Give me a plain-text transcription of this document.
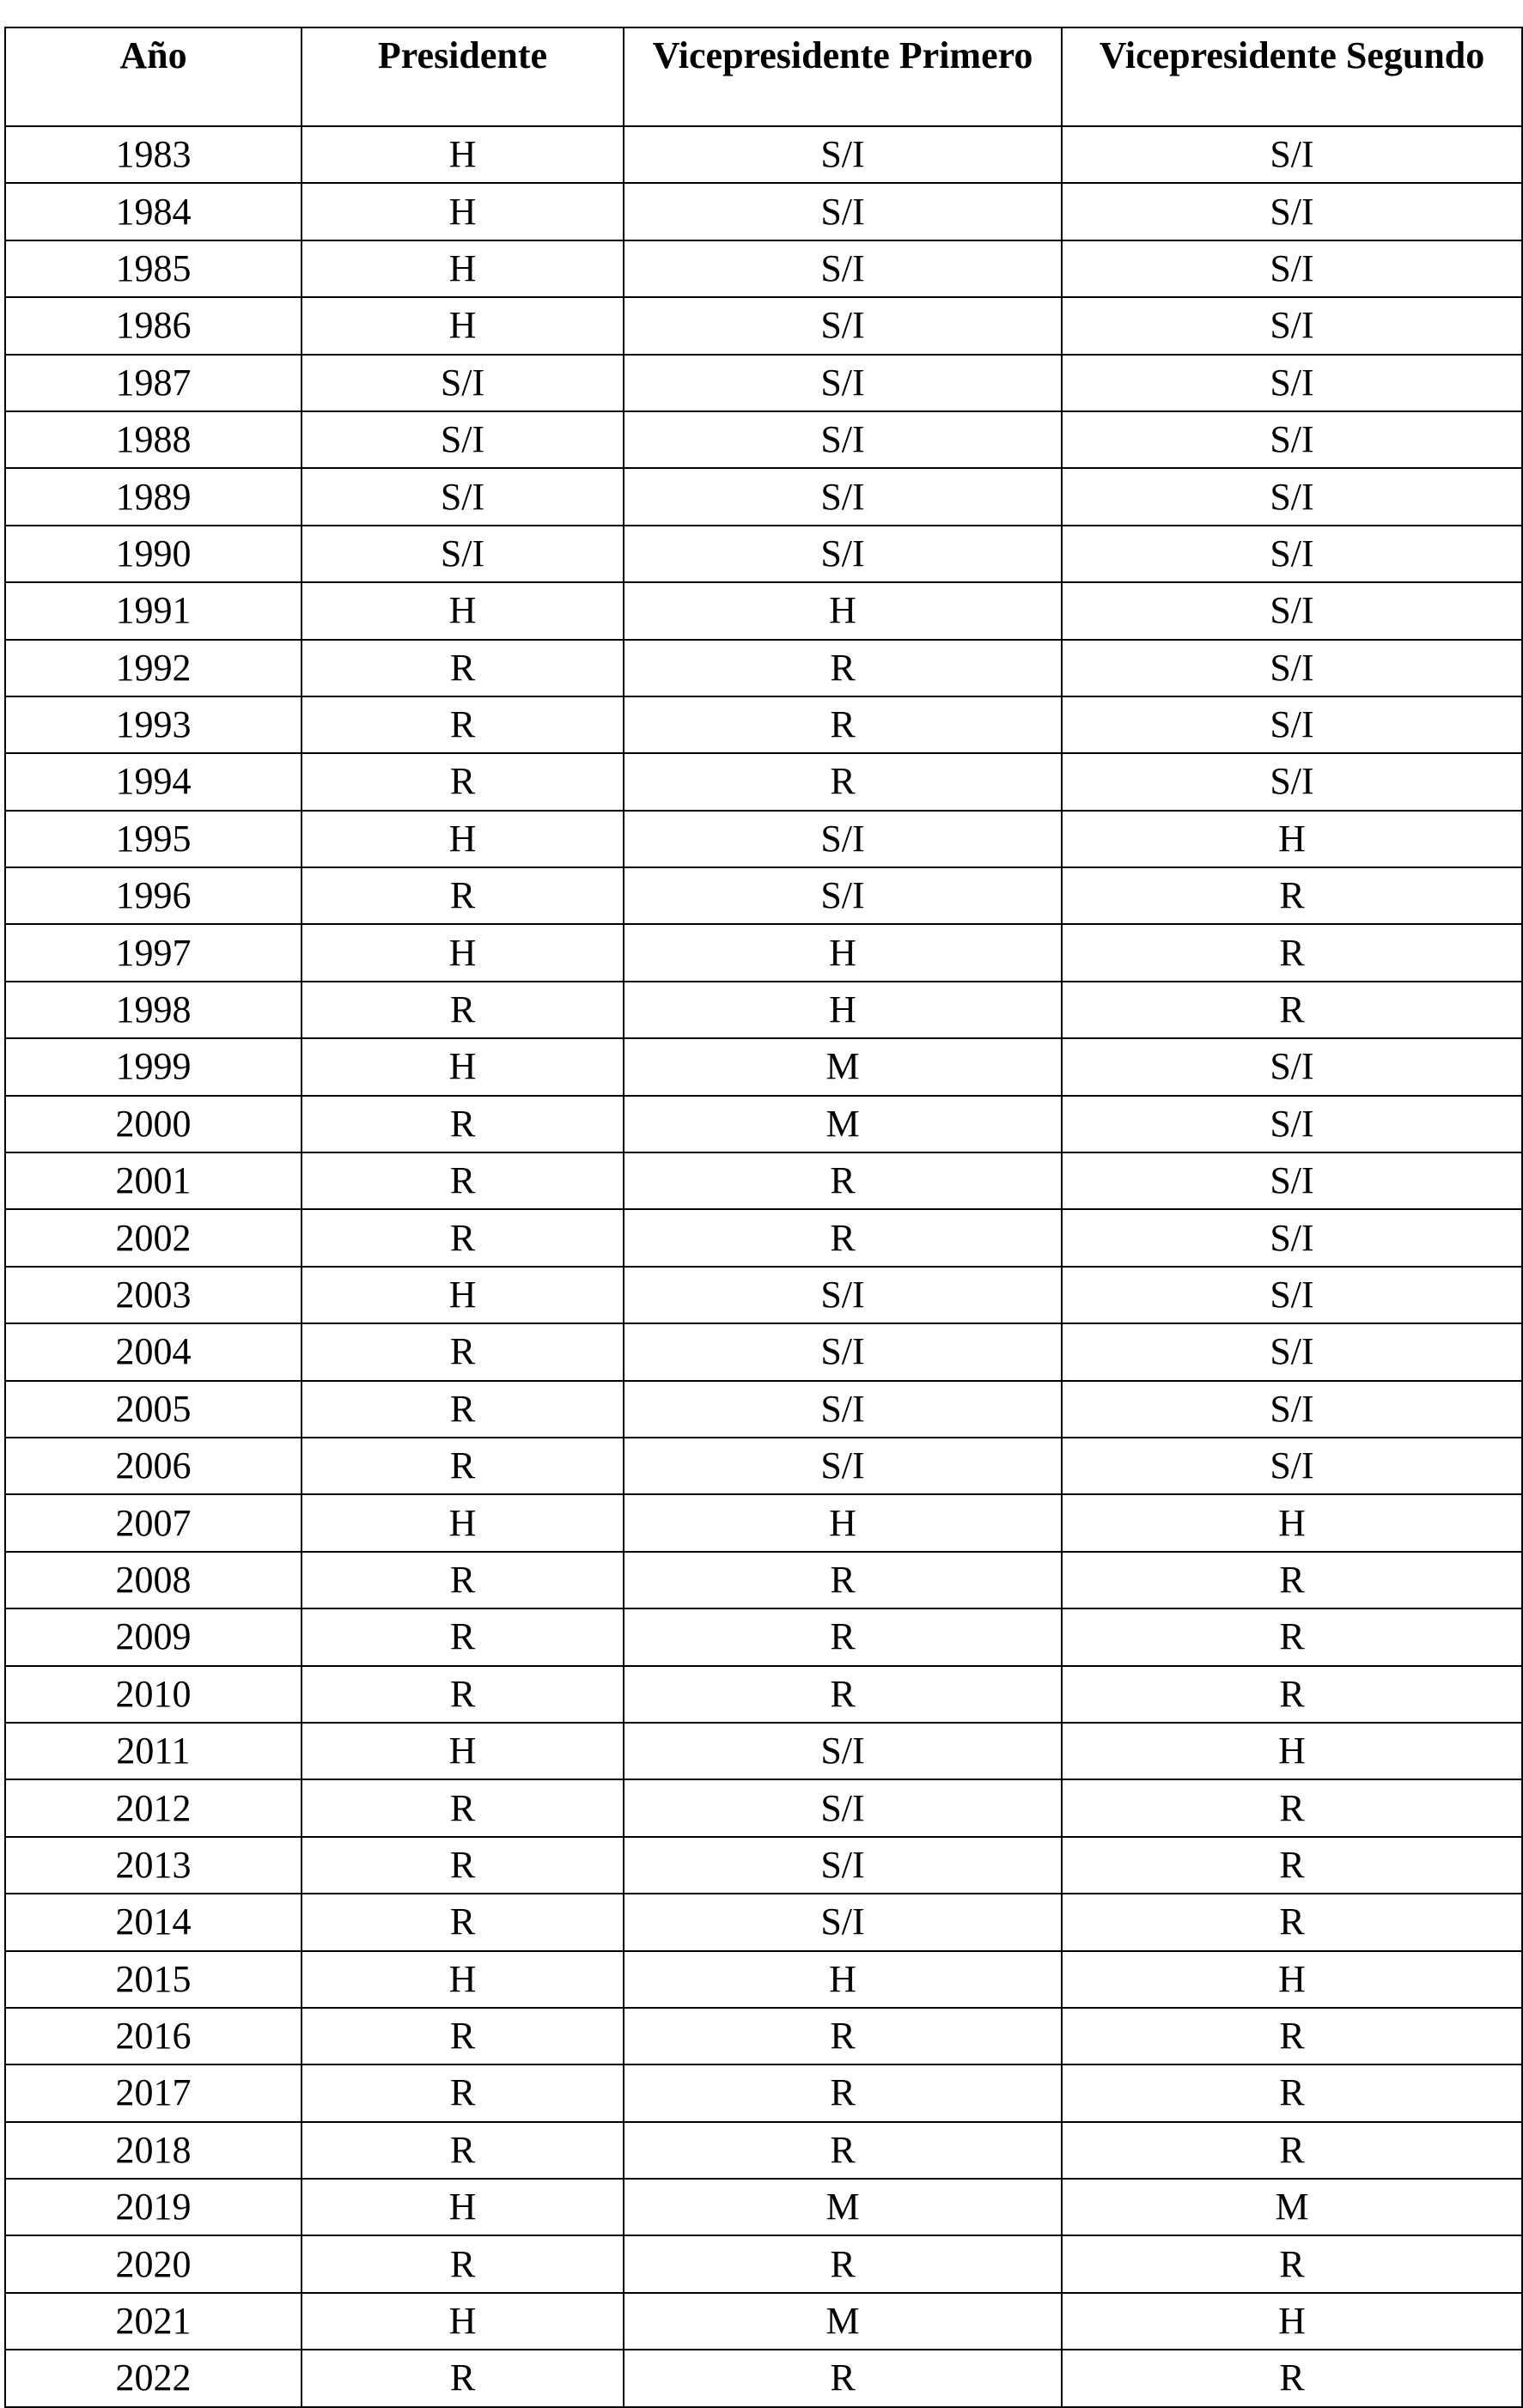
Año	Presidente	Vicepresidente Primero	Vicepresidente Segundo
1983	H	S/I	S/I
1984	H	S/I	S/I
1985	H	S/I	S/I
1986	H	S/I	S/I
1987	S/I	S/I	S/I
1988	S/I	S/I	S/I
1989	S/I	S/I	S/I
1990	S/I	S/I	S/I
1991	H	H	S/I
1992	R	R	S/I
1993	R	R	S/I
1994	R	R	S/I
1995	H	S/I	H
1996	R	S/I	R
1997	H	H	R
1998	R	H	R
1999	H	M	S/I
2000	R	M	S/I
2001	R	R	S/I
2002	R	R	S/I
2003	H	S/I	S/I
2004	R	S/I	S/I
2005	R	S/I	S/I
2006	R	S/I	S/I
2007	H	H	H
2008	R	R	R
2009	R	R	R
2010	R	R	R
2011	H	S/I	H
2012	R	S/I	R
2013	R	S/I	R
2014	R	S/I	R
2015	H	H	H
2016	R	R	R
2017	R	R	R
2018	R	R	R
2019	H	M	M
2020	R	R	R
2021	H	M	H
2022	R	R	R
